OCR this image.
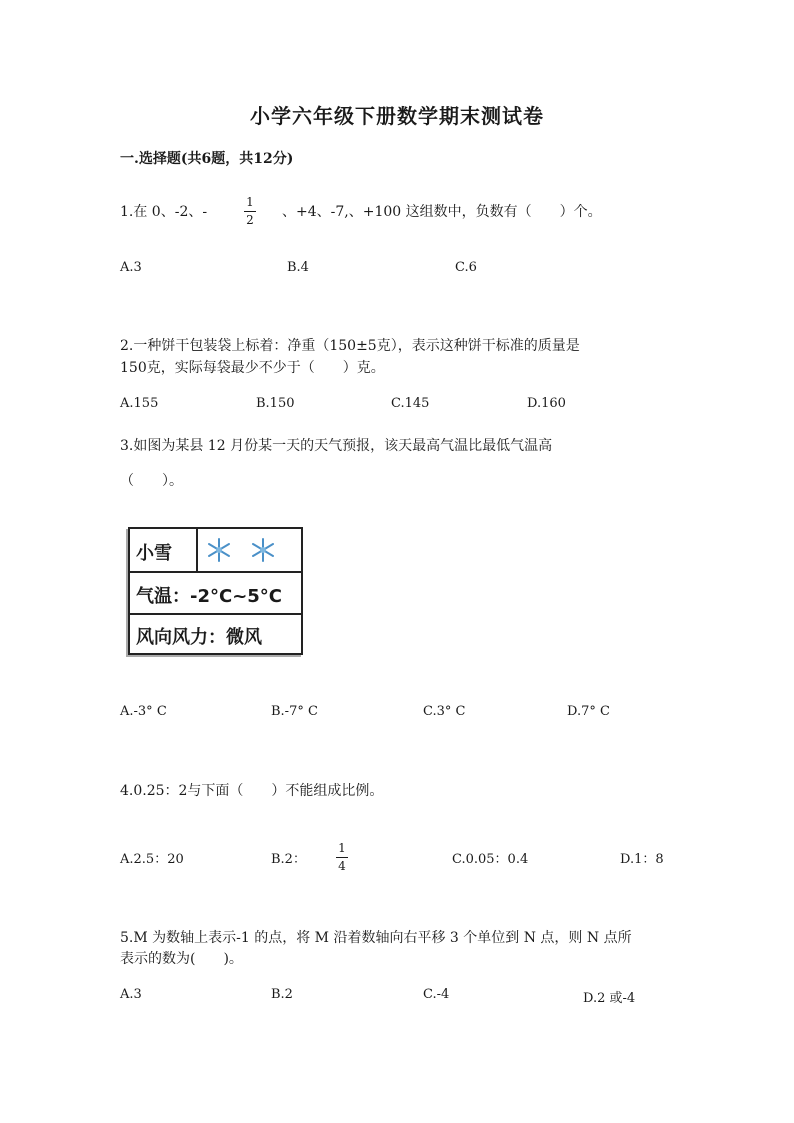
小学六年级下册数学期末测试卷
一.选择题(共6题，共12分)
1.在 0、-2、-
1
2 、+4、-7,、+100 这组数中，负数有（　　）个。
A.3	B.4	C.6
2.一种饼干包装袋上标着：净重（150±5克），表示这种饼干标准的质量是
150克，实际每袋最少不少于（　　）克。
A.155	B.150	C.145	D.160
3.如图为某县 12 月份某一天的天气预报，该天最高气温比最低气温高
（　　）。
小雪
气温：-2°C~5°C
风向风力：微风
A.-3° C	B.-7° C	C.3° C	D.7° C
4.0.25：2与下面（　　）不能组成比例。
A.2.5：20	B.2：
1
4	C.0.05：0.4	D.1：8
5.M 为数轴上表示-1 的点，将 M 沿着数轴向右平移 3 个单位到 N 点，则 N 点所
表示的数为(　　)。
A.3	B.2	C.-4	D.2 或-4
